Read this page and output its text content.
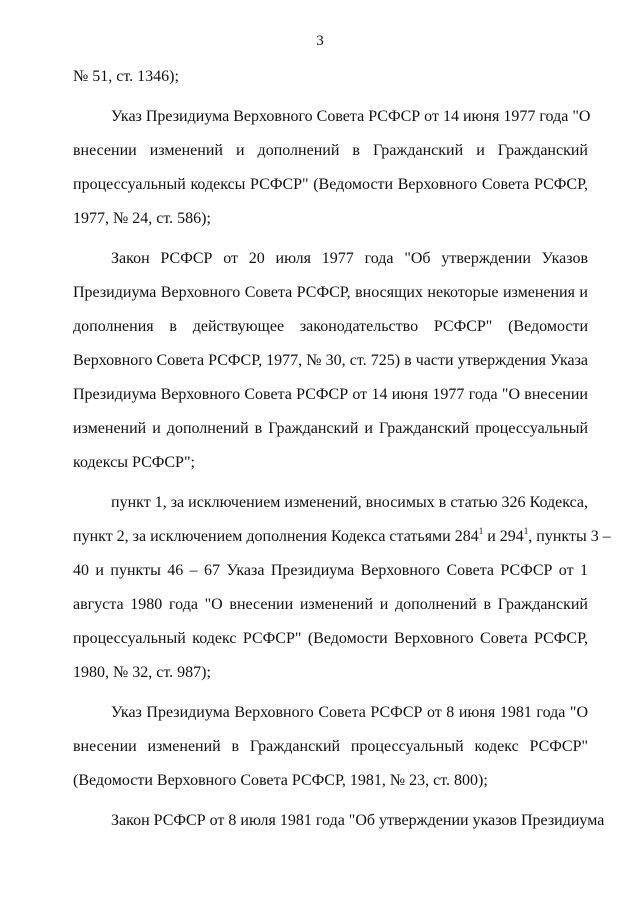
3
№ 51, ст. 1346);
Указ Президиума Верховного Совета РСФСР от 14 июня 1977 года "О
внесении изменений и дополнений в Гражданский и Гражданский
процессуальный кодексы РСФСР" (Ведомости Верховного Совета РСФСР,
1977, № 24, ст. 586);
Закон РСФСР от 20 июля 1977 года "Об утверждении Указов
Президиума Верховного Совета РСФСР, вносящих некоторые изменения и
дополнения в действующее законодательство РСФСР" (Ведомости
Верховного Совета РСФСР, 1977, № 30, ст. 725) в части утверждения Указа
Президиума Верховного Совета РСФСР от 14 июня 1977 года "О внесении
изменений и дополнений в Гражданский и Гражданский процессуальный
кодексы РСФСР";
пункт 1, за исключением изменений, вносимых в статью 326 Кодекса,
пункт 2, за исключением дополнения Кодекса статьями $284^1$ и $294^1$, пункты 3 –
40 и пункты 46 – 67 Указа Президиума Верховного Совета РСФСР от 1
августа 1980 года "О внесении изменений и дополнений в Гражданский
процессуальный кодекс РСФСР" (Ведомости Верховного Совета РСФСР,
1980, № 32, ст. 987);
Указ Президиума Верховного Совета РСФСР от 8 июня 1981 года "О
внесении изменений в Гражданский процессуальный кодекс РСФСР"
(Ведомости Верховного Совета РСФСР, 1981, № 23, ст. 800);
Закон РСФСР от 8 июля 1981 года "Об утверждении указов Президиума
